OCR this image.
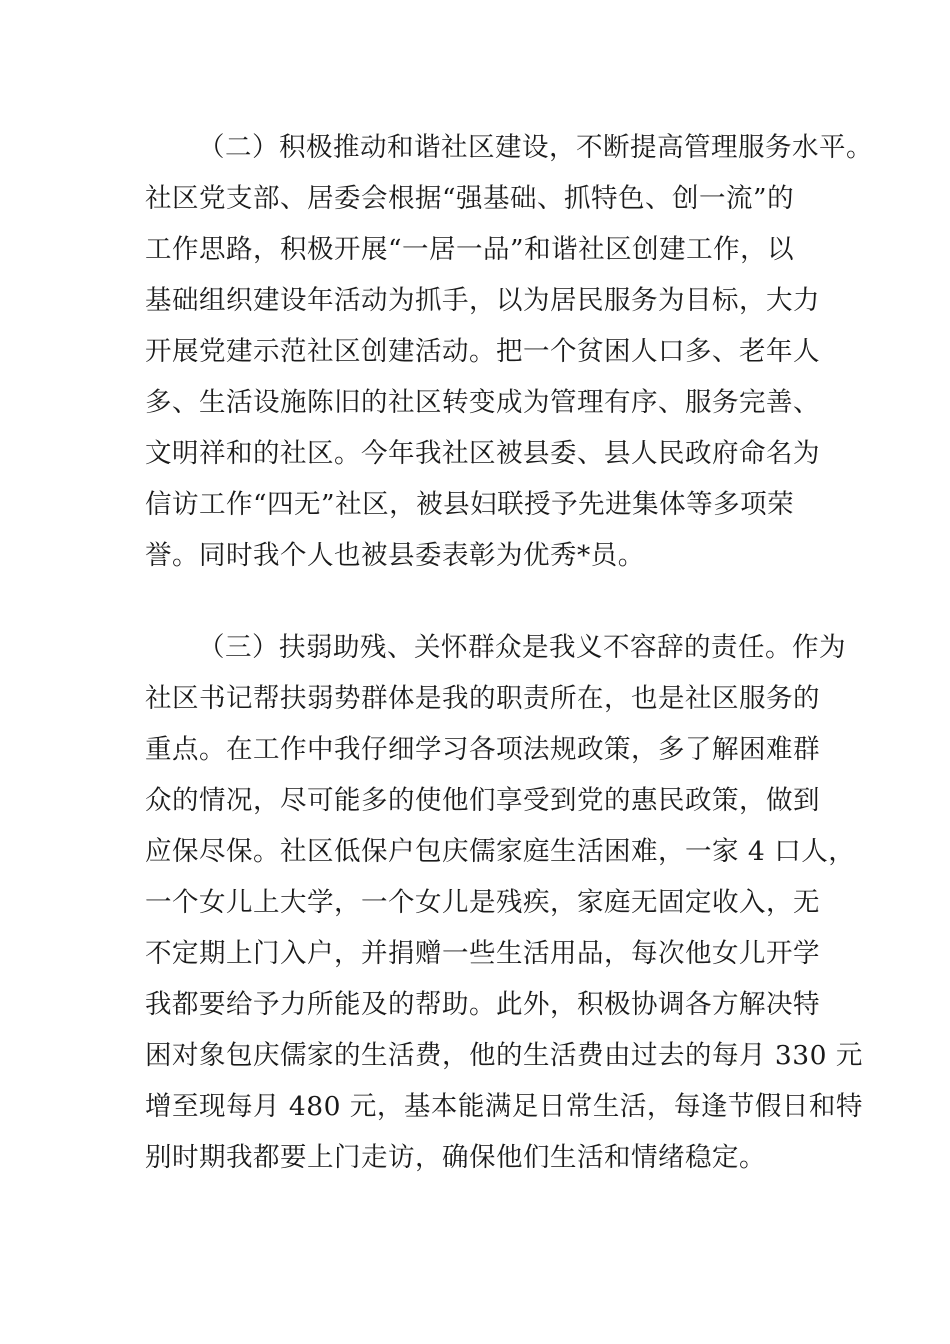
（二）积极推动和谐社区建设，不断提高管理服务水平。
社区党支部、居委会根据“强基础、抓特色、创一流”的
工作思路，积极开展“一居一品”和谐社区创建工作，以
基础组织建设年活动为抓手，以为居民服务为目标，大力
开展党建示范社区创建活动。把一个贫困人口多、老年人
多、生活设施陈旧的社区转变成为管理有序、服务完善、
文明祥和的社区。今年我社区被县委、县人民政府命名为
信访工作“四无”社区，被县妇联授予先进集体等多项荣
誉。同时我个人也被县委表彰为优秀*员。
（三）扶弱助残、关怀群众是我义不容辞的责任。作为
社区书记帮扶弱势群体是我的职责所在，也是社区服务的
重点。在工作中我仔细学习各项法规政策，多了解困难群
众的情况，尽可能多的使他们享受到党的惠民政策，做到
应保尽保。社区低保户包庆儒家庭生活困难，一家 4 口人，
一个女儿上大学，一个女儿是残疾，家庭无固定收入，无
不定期上门入户，并捐赠一些生活用品，每次他女儿开学
我都要给予力所能及的帮助。此外，积极协调各方解决特
困对象包庆儒家的生活费，他的生活费由过去的每月 330 元
增至现每月 480 元，基本能满足日常生活，每逢节假日和特
别时期我都要上门走访，确保他们生活和情绪稳定。
